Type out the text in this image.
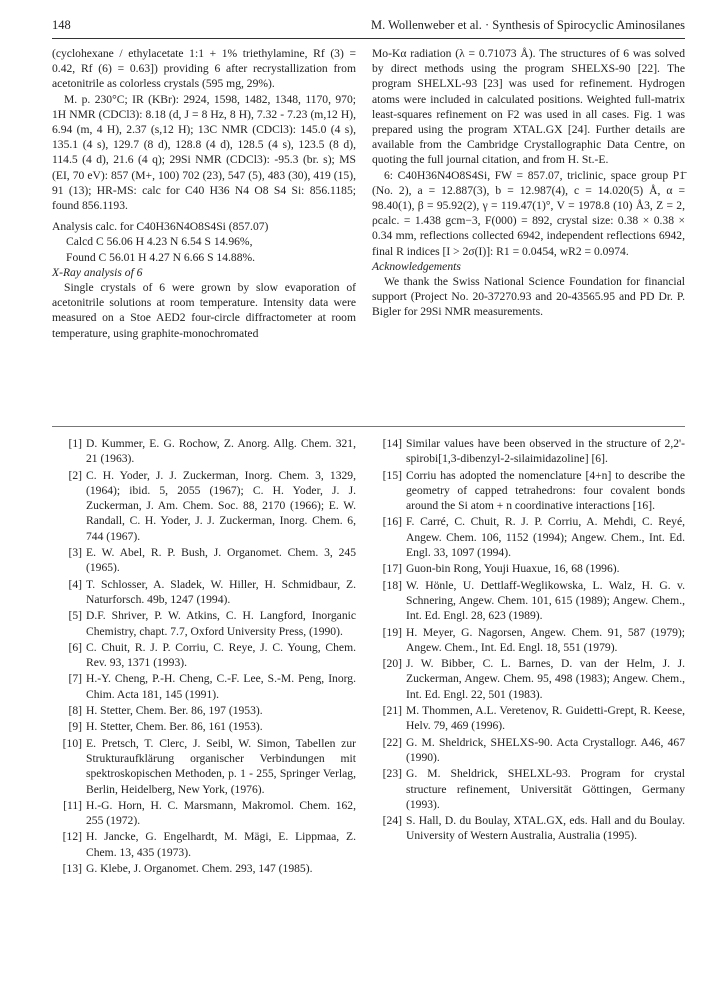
148	M. Wollenweber et al. · Synthesis of Spirocyclic Aminosilanes

(cyclohexane / ethylacetate 1:1 + 1% triethylamine, Rf (3) = 0.42, Rf (6) = 0.63]) providing 6 after recrystallization from acetonitrile as colorless crystals (595 mg, 29%).

M. p. 230°C; IR (KBr): 2924, 1598, 1482, 1348, 1170, 970; 1H NMR (CDCl3): 8.18 (d, J = 8 Hz, 8 H), 7.32 - 7.23 (m,12 H), 6.94 (m, 4 H), 2.37 (s,12 H); 13C NMR (CDCl3): 145.0 (4 s), 135.1 (4 s), 129.7 (8 d), 128.8 (4 d), 128.5 (4 s), 123.5 (8 d), 114.5 (4 d), 21.6 (4 q); 29Si NMR (CDCl3): -95.3 (br. s); MS (EI, 70 eV): 857 (M+, 100) 702 (23), 547 (5), 483 (30), 419 (15), 91 (13); HR-MS: calc for C40 H36 N4 O8 S4 Si: 856.1185; found 856.1193.

Analysis calc. for C40H36N4O8S4Si (857.07)

Calcd C 56.06 H 4.23 N 6.54 S 14.96%,
Found C 56.01 H 4.27 N 6.66 S 14.88%.

X-Ray analysis of 6

Single crystals of 6 were grown by slow evaporation of acetonitrile solutions at room temperature. Intensity data were measured on a Stoe AED2 four-circle diffractometer at room temperature, using graphite-monochromated

Mo-Kα radiation (λ = 0.71073 Å). The structures of 6 was solved by direct methods using the program SHELXS-90 [22]. The program SHELXL-93 [23] was used for refinement. Hydrogen atoms were included in calculated positions. Weighted full-matrix least-squares refinement on F2 was used in all cases. Fig. 1 was prepared using the program XTAL.GX [24]. Further details are available from the Cambridge Crystallographic Data Centre, on quoting the full journal citation, and from H. St.-E.

6: C40H36N4O8S4Si, FW = 857.07, triclinic, space group P1̄ (No. 2), a = 12.887(3), b = 12.987(4), c = 14.020(5) Å, α = 98.40(1), β = 95.92(2), γ = 119.47(1)°, V = 1978.8 (10) Å3, Z = 2, ρcalc. = 1.438 gcm−3, F(000) = 892, crystal size: 0.38 × 0.38 × 0.34 mm, reflections collected 6942, independent reflections 6942, final R indices [I > 2σ(I)]: R1 = 0.0454, wR2 = 0.0974.

Acknowledgements

We thank the Swiss National Science Foundation for financial support (Project No. 20-37270.93 and 20-43565.95 and PD Dr. P. Bigler for 29Si NMR measurements.

[1] D. Kummer, E. G. Rochow, Z. Anorg. Allg. Chem. 321, 21 (1963).
[2] C. H. Yoder, J. J. Zuckerman, Inorg. Chem. 3, 1329, (1964); ibid. 5, 2055 (1967); C. H. Yoder, J. J. Zuckerman, J. Am. Chem. Soc. 88, 2170 (1966); E. W. Randall, C. H. Yoder, J. J. Zuckerman, Inorg. Chem. 6, 744 (1967).
[3] E. W. Abel, R. P. Bush, J. Organomet. Chem. 3, 245 (1965).
[4] T. Schlosser, A. Sladek, W. Hiller, H. Schmidbaur, Z. Naturforsch. 49b, 1247 (1994).
[5] D.F. Shriver, P. W. Atkins, C. H. Langford, Inorganic Chemistry, chapt. 7.7, Oxford University Press, (1990).
[6] C. Chuit, R. J. P. Corriu, C. Reye, J. C. Young, Chem. Rev. 93, 1371 (1993).
[7] H.-Y. Cheng, P.-H. Cheng, C.-F. Lee, S.-M. Peng, Inorg. Chim. Acta 181, 145 (1991).
[8] H. Stetter, Chem. Ber. 86, 197 (1953).
[9] H. Stetter, Chem. Ber. 86, 161 (1953).
[10] E. Pretsch, T. Clerc, J. Seibl, W. Simon, Tabellen zur Strukturaufklärung organischer Verbindungen mit spektroskopischen Methoden, p. 1 - 255, Springer Verlag, Berlin, Heidelberg, New York, (1976).
[11] H.-G. Horn, H. C. Marsmann, Makromol. Chem. 162, 255 (1972).
[12] H. Jancke, G. Engelhardt, M. Mägi, E. Lippmaa, Z. Chem. 13, 435 (1973).
[13] G. Klebe, J. Organomet. Chem. 293, 147 (1985).
[14] Similar values have been observed in the structure of 2,2'-spirobi[1,3-dibenzyl-2-silaimidazoline] [6].
[15] Corriu has adopted the nomenclature [4+n] to describe the geometry of capped tetrahedrons: four covalent bonds around the Si atom + n coordinative interactions [16].
[16] F. Carré, C. Chuit, R. J. P. Corriu, A. Mehdi, C. Reyé, Angew. Chem. 106, 1152 (1994); Angew. Chem., Int. Ed. Engl. 33, 1097 (1994).
[17] Guon-bin Rong, Youji Huaxue, 16, 68 (1996).
[18] W. Hönle, U. Dettlaff-Weglikowska, L. Walz, H. G. v. Schnering, Angew. Chem. 101, 615 (1989); Angew. Chem., Int. Ed. Engl. 28, 623 (1989).
[19] H. Meyer, G. Nagorsen, Angew. Chem. 91, 587 (1979); Angew. Chem., Int. Ed. Engl. 18, 551 (1979).
[20] J. W. Bibber, C. L. Barnes, D. van der Helm, J. J. Zuckerman, Angew. Chem. 95, 498 (1983); Angew. Chem., Int. Ed. Engl. 22, 501 (1983).
[21] M. Thommen, A.L. Veretenov, R. Guidetti-Grept, R. Keese, Helv. 79, 469 (1996).
[22] G. M. Sheldrick, SHELXS-90. Acta Crystallogr. A46, 467 (1990).
[23] G. M. Sheldrick, SHELXL-93. Program for crystal structure refinement, Universität Göttingen, Germany (1993).
[24] S. Hall, D. du Boulay, XTAL.GX, eds. Hall and du Boulay. University of Western Australia, Australia (1995).
